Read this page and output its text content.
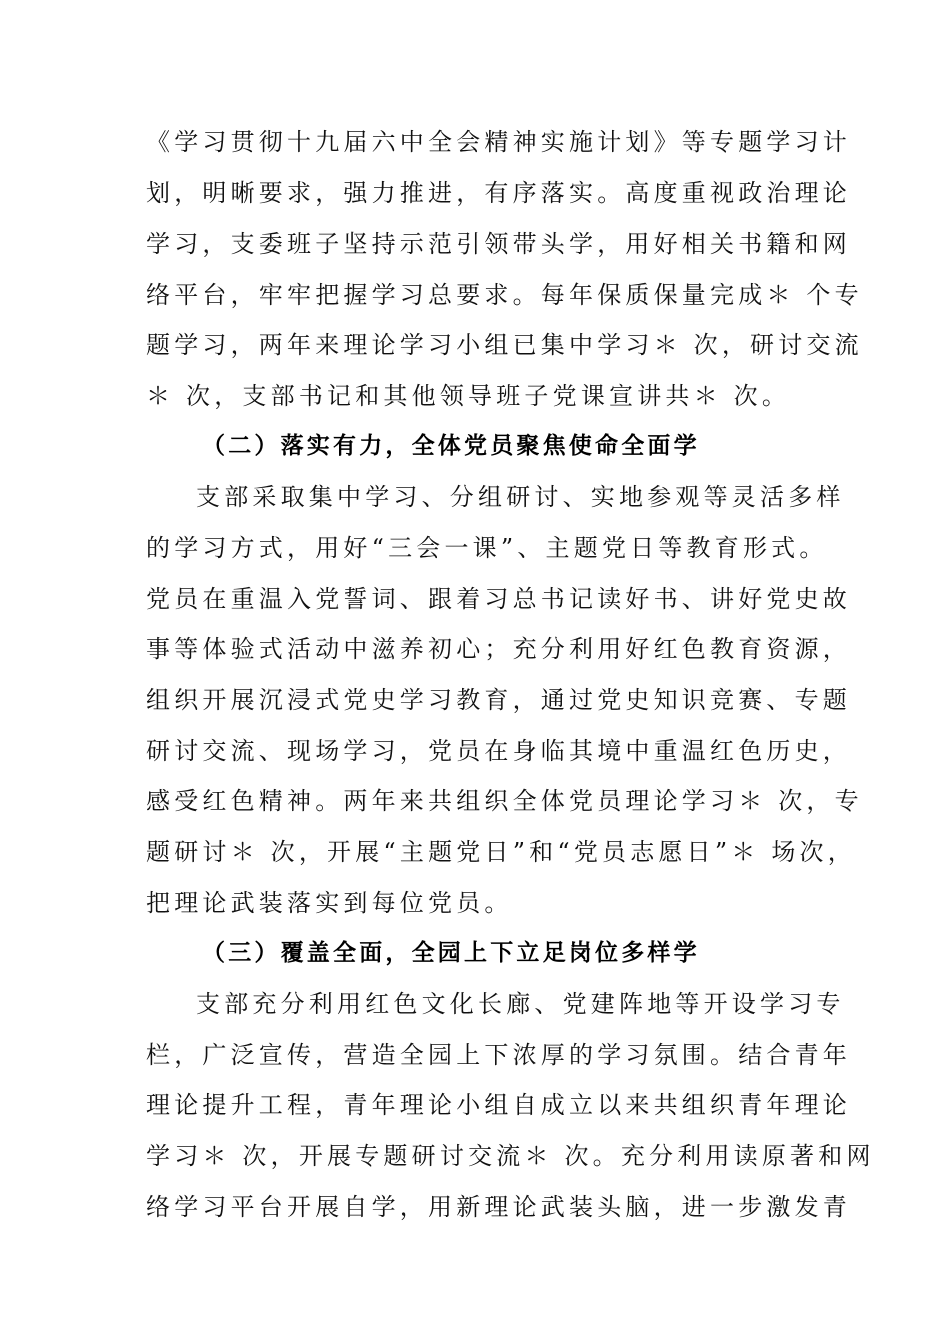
《学习贯彻十九届六中全会精神实施计划》等专题学习计
划，明晰要求，强力推进，有序落实。高度重视政治理论
学习，支委班子坚持示范引领带头学，用好相关书籍和网
络平台，牢牢把握学习总要求。每年保质保量完成＊ 个专
题学习，两年来理论学习小组已集中学习＊ 次，研讨交流
＊ 次，支部书记和其他领导班子党课宣讲共＊ 次。
（二）落实有力，全体党员聚焦使命全面学
支部采取集中学习、分组研讨、实地参观等灵活多样
的学习方式，用好“三会一课”、主题党日等教育形式。
党员在重温入党誓词、跟着习总书记读好书、讲好党史故
事等体验式活动中滋养初心；充分利用好红色教育资源，
组织开展沉浸式党史学习教育，通过党史知识竞赛、专题
研讨交流、现场学习，党员在身临其境中重温红色历史，
感受红色精神。两年来共组织全体党员理论学习＊ 次，专
题研讨＊ 次，开展“主题党日”和“党员志愿日”＊ 场次，
把理论武装落实到每位党员。
（三）覆盖全面，全园上下立足岗位多样学
支部充分利用红色文化长廊、党建阵地等开设学习专
栏，广泛宣传，营造全园上下浓厚的学习氛围。结合青年
理论提升工程，青年理论小组自成立以来共组织青年理论
学习＊ 次，开展专题研讨交流＊ 次。充分利用读原著和网
络学习平台开展自学，用新理论武装头脑，进一步激发青
